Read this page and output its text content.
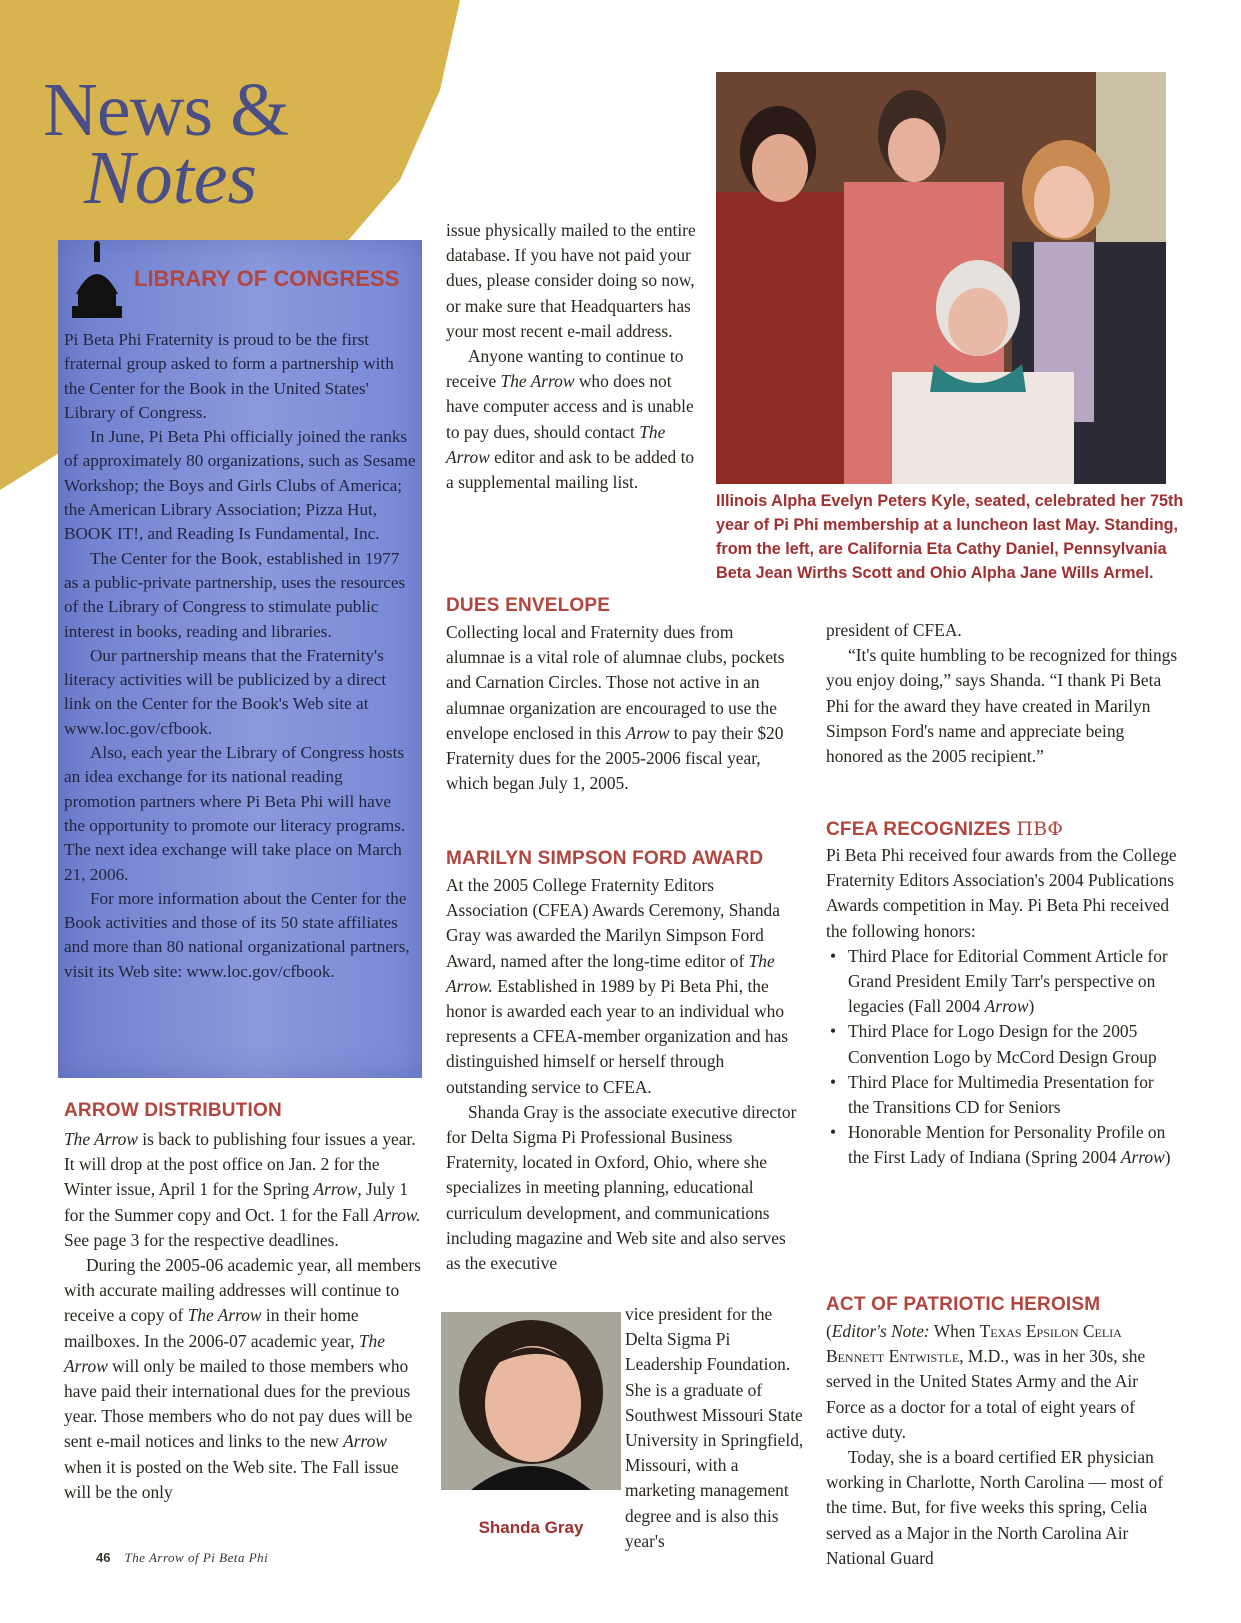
News &
Notes
LIBRARY OF CONGRESS

Pi Beta Phi Fraternity is proud to be the first fraternal group asked to form a partnership with the Center for the Book in the United States' Library of Congress.

In June, Pi Beta Phi officially joined the ranks of approximately 80 organizations, such as Sesame Workshop; the Boys and Girls Clubs of America; the American Library Association; Pizza Hut, BOOK IT!, and Reading Is Fundamental, Inc.

The Center for the Book, established in 1977 as a public-private partnership, uses the resources of the Library of Congress to stimulate public interest in books, reading and libraries.

Our partnership means that the Fraternity's literacy activities will be publicized by a direct link on the Center for the Book's Web site at www.loc.gov/cfbook.

Also, each year the Library of Congress hosts an idea exchange for its national reading promotion partners where Pi Beta Phi will have the opportunity to promote our literacy programs. The next idea exchange will take place on March 21, 2006.

For more information about the Center for the Book activities and those of its 50 state affiliates and more than 80 national organizational partners, visit its Web site: www.loc.gov/cfbook.

ARROW DISTRIBUTION

The Arrow is back to publishing four issues a year. It will drop at the post office on Jan. 2 for the Winter issue, April 1 for the Spring Arrow, July 1 for the Summer copy and Oct. 1 for the Fall Arrow. See page 3 for the respective deadlines.

During the 2005-06 academic year, all members with accurate mailing addresses will continue to receive a copy of The Arrow in their home mailboxes. In the 2006-07 academic year, The Arrow will only be mailed to those members who have paid their international dues for the previous year. Those members who do not pay dues will be sent e-mail notices and links to the new Arrow when it is posted on the Web site. The Fall issue will be the only

issue physically mailed to the entire database. If you have not paid your dues, please consider doing so now, or make sure that Headquarters has your most recent e-mail address.

Anyone wanting to continue to receive The Arrow who does not have computer access and is unable to pay dues, should contact The Arrow editor and ask to be added to a supplemental mailing list.

DUES ENVELOPE

Collecting local and Fraternity dues from alumnae is a vital role of alumnae clubs, pockets and Carnation Circles. Those not active in an alumnae organization are encouraged to use the envelope enclosed in this Arrow to pay their $20 Fraternity dues for the 2005-2006 fiscal year, which began July 1, 2005.

MARILYN SIMPSON FORD AWARD

At the 2005 College Fraternity Editors Association (CFEA) Awards Ceremony, Shanda Gray was awarded the Marilyn Simpson Ford Award, named after the long-time editor of The Arrow. Established in 1989 by Pi Beta Phi, the honor is awarded each year to an individual who represents a CFEA-member organization and has distinguished himself or herself through outstanding service to CFEA.

Shanda Gray is the associate executive director for Delta Sigma Pi Professional Business Fraternity, located in Oxford, Ohio, where she specializes in meeting planning, educational curriculum development, and communications including magazine and Web site and also serves as the executive

vice president for the Delta Sigma Pi Leadership Foundation. She is a graduate of Southwest Missouri State University in Springfield, Missouri, with a marketing management degree and is also this year's

Shanda Gray
Illinois Alpha Evelyn Peters Kyle, seated, celebrated her 75th year of Pi Phi membership at a luncheon last May. Standing, from the left, are California Eta Cathy Daniel, Pennsylvania Beta Jean Wirths Scott and Ohio Alpha Jane Wills Armel.

president of CFEA.

“It's quite humbling to be recognized for things you enjoy doing,” says Shanda. “I thank Pi Beta Phi for the award they have created in Marilyn Simpson Ford's name and appreciate being honored as the 2005 recipient.”

CFEA RECOGNIZES ΠΒΦ

Pi Beta Phi received four awards from the College Fraternity Editors Association's 2004 Publications Awards competition in May. Pi Beta Phi received the following honors:

• Third Place for Editorial Comment Article for Grand President Emily Tarr's perspective on legacies (Fall 2004 Arrow)
• Third Place for Logo Design for the 2005 Convention Logo by McCord Design Group
• Third Place for Multimedia Presentation for the Transitions CD for Seniors
• Honorable Mention for Personality Profile on the First Lady of Indiana (Spring 2004 Arrow)
ACT OF PATRIOTIC HEROISM

(Editor's Note: When Texas Epsilon Celia Bennett Entwistle, M.D., was in her 30s, she served in the United States Army and the Air Force as a doctor for a total of eight years of active duty.

Today, she is a board certified ER physician working in Charlotte, North Carolina — most of the time. But, for five weeks this spring, Celia served as a Major in the North Carolina Air National Guard

46 The Arrow of Pi Beta Phi
